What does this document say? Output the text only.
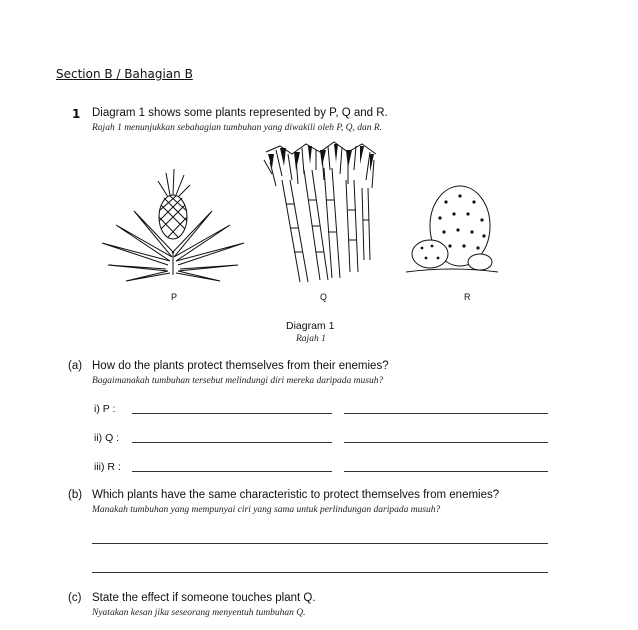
Section B / Bahagian B
1 Diagram 1 shows some plants represented by P, Q and R.
Rajah 1 menunjukkan sebahagian tumbuhan yang diwakili oleh P, Q, dan R.
P	Q	R
Diagram 1
Rajah 1
(a) How do the plants protect themselves from their enemies?
Bagaimanakah tumbuhan tersebut melindungi diri mereka daripada musuh?
i) P :
ii) Q :
iii) R :
(b) Which plants have the same characteristic to protect themselves from enemies?
Manakah tumbuhan yang mempunyai ciri yang sama untuk perlindungan daripada musuh?
(c) State the effect if someone touches plant Q.
Nyatakan kesan jika seseorang menyentuh tumbuhan Q.
